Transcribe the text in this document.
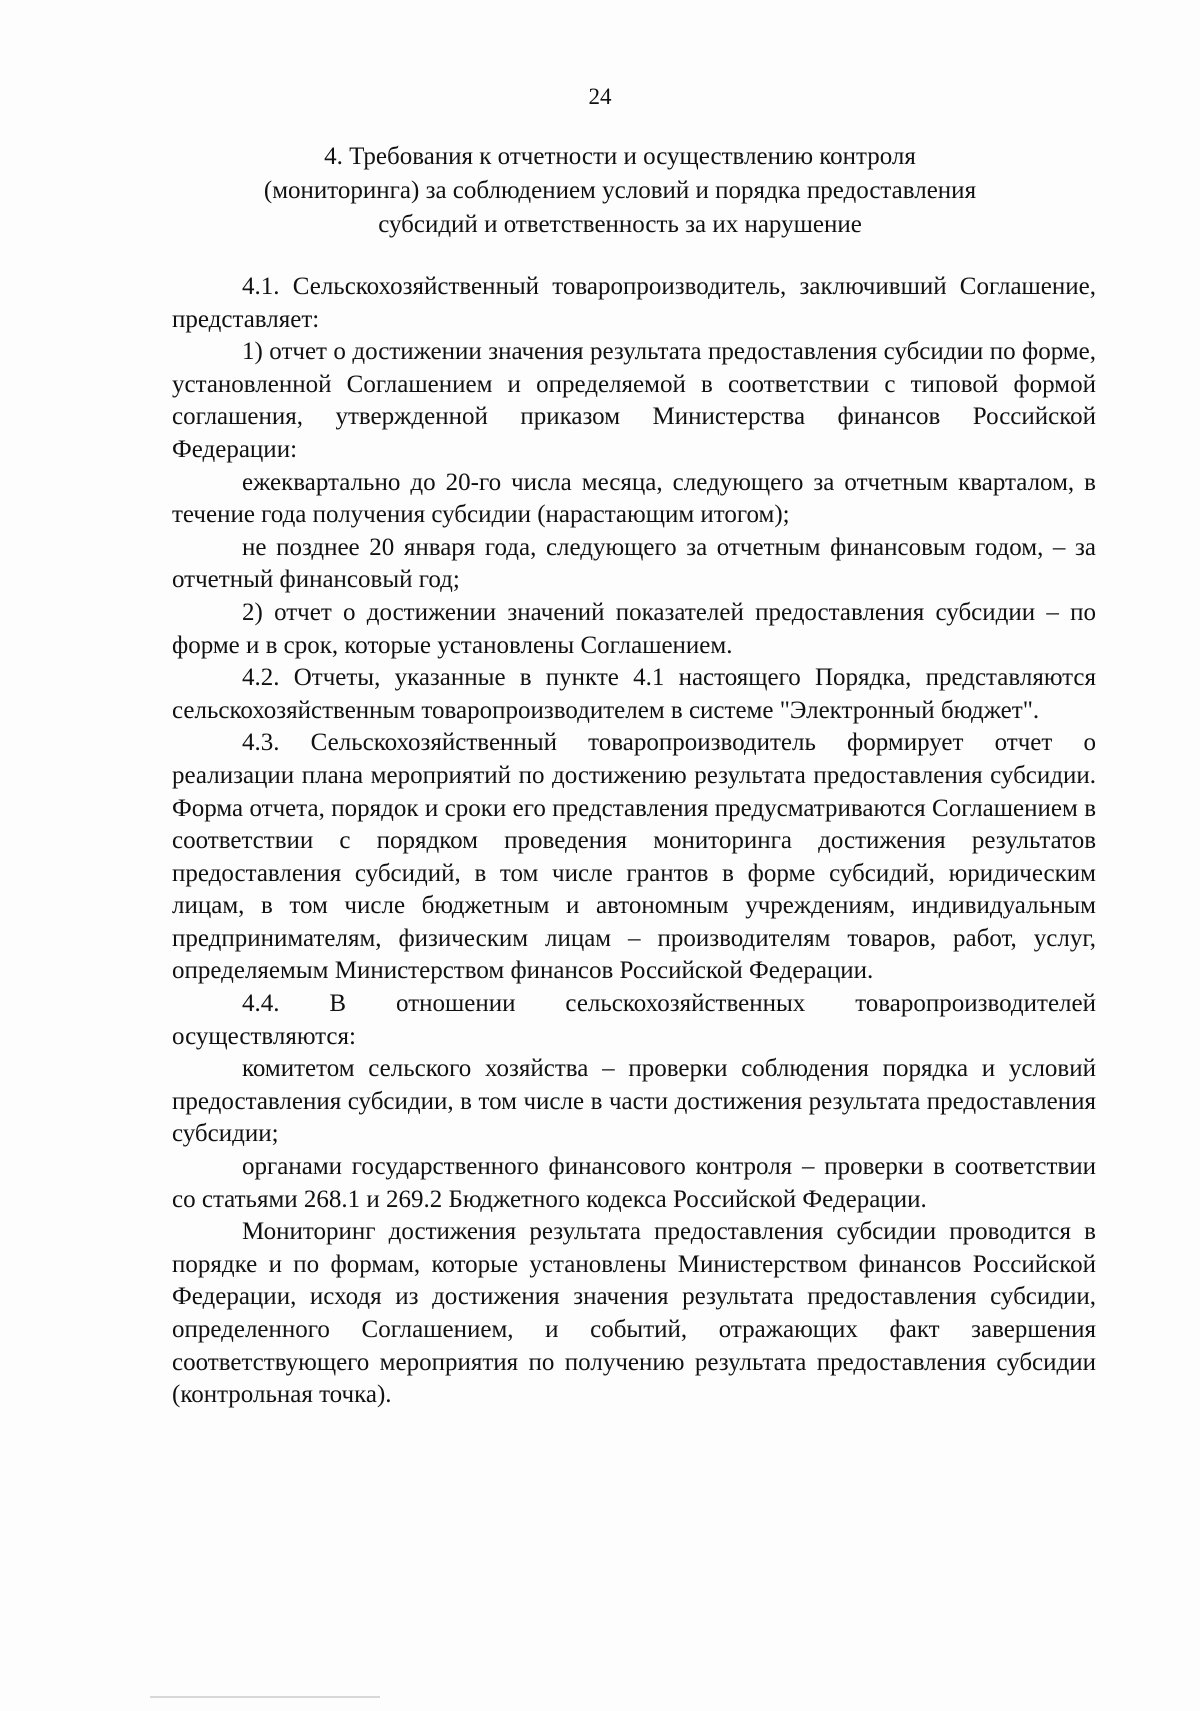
24
4. Требования к отчетности и осуществлению контроля
(мониторинга) за соблюдением условий и порядка предоставления
субсидий и ответственность за их нарушение

4.1. Сельскохозяйственный товаропроизводитель, заключивший Соглашение, представляет:

1) отчет о достижении значения результата предоставления субсидии по форме, установленной Соглашением и определяемой в соответствии с типовой формой соглашения, утвержденной приказом Министерства финансов Российской Федерации:

ежеквартально до 20-го числа месяца, следующего за отчетным кварталом, в течение года получения субсидии (нарастающим итогом);

не позднее 20 января года, следующего за отчетным финансовым годом, – за отчетный финансовый год;

2) отчет о достижении значений показателей предоставления субсидии – по форме и в срок, которые установлены Соглашением.

4.2. Отчеты, указанные в пункте 4.1 настоящего Порядка, представляются сельскохозяйственным товаропроизводителем в системе "Электронный бюджет".

4.3. Сельскохозяйственный товаропроизводитель формирует отчет о реализации плана мероприятий по достижению результата предоставления субсидии. Форма отчета, порядок и сроки его представления предусматриваются Соглашением в соответствии с порядком проведения мониторинга достижения результатов предоставления субсидий, в том числе грантов в форме субсидий, юридическим лицам, в том числе бюджетным и автономным учреждениям, индивидуальным предпринимателям, физическим лицам – производителям товаров, работ, услуг, определяемым Министерством финансов Российской Федерации.

4.4. В отношении сельскохозяйственных товаропроизводителей осуществляются:

комитетом сельского хозяйства – проверки соблюдения порядка и условий предоставления субсидии, в том числе в части достижения результата предоставления субсидии;

органами государственного финансового контроля – проверки в соответствии со статьями 268.1 и 269.2 Бюджетного кодекса Российской Федерации.

Мониторинг достижения результата предоставления субсидии проводится в порядке и по формам, которые установлены Министерством финансов Российской Федерации, исходя из достижения значения результата предоставления субсидии, определенного Соглашением, и событий, отражающих факт завершения соответствующего мероприятия по получению результата предоставления субсидии (контрольная точка).
